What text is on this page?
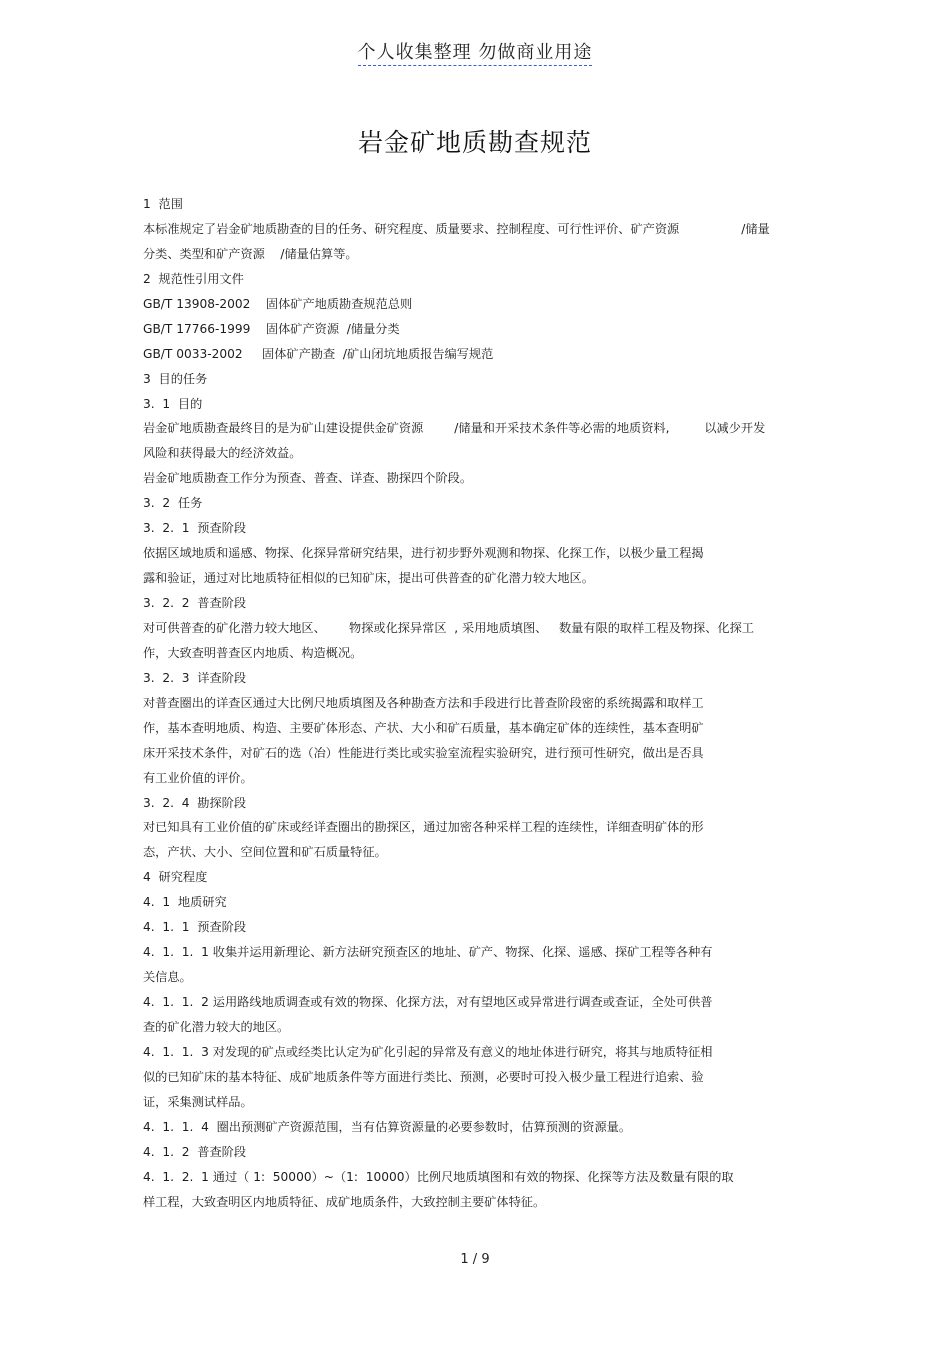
个人收集整理 勿做商业用途
岩金矿地质勘查规范
1  范围
本标准规定了岩金矿地质勘查的目的任务、研究程度、质量要求、控制程度、可行性评价、矿产资源                /储量
分类、类型和矿产资源    /储量估算等。
2  规范性引用文件
GB/T 13908-2002    固体矿产地质勘查规范总则
GB/T 17766-1999    固体矿产资源  /储量分类
GB/T 0033-2002     固体矿产勘查  /矿山闭坑地质报告编写规范
3  目的任务
3.  1  目的
岩金矿地质勘查最终目的是为矿山建设提供金矿资源        /储量和开采技术条件等必需的地质资料,         以减少开发
风险和获得最大的经济效益。
岩金矿地质勘查工作分为预查、普查、详查、勘探四个阶段。
3.  2  任务
3.  2.  1  预查阶段
依据区域地质和遥感、物探、化探异常研究结果，进行初步野外观测和物探、化探工作，以极少量工程揭
露和验证，通过对比地质特征相似的已知矿床，提出可供普查的矿化潜力较大地区。
3.  2.  2  普查阶段
对可供普查的矿化潜力较大地区、      物探或化探异常区  , 采用地质填图、   数量有限的取样工程及物探、化探工
作，大致查明普查区内地质、构造概况。
3.  2.  3  详查阶段
对普查圈出的详查区通过大比例尺地质填图及各种勘查方法和手段进行比普查阶段密的系统揭露和取样工
作，基本查明地质、构造、主要矿体形态、产状、大小和矿石质量，基本确定矿体的连续性，基本查明矿
床开采技术条件，对矿石的选（冶）性能进行类比或实验室流程实验研究，进行预可性研究，做出是否具
有工业价值的评价。
3.  2.  4  勘探阶段
对已知具有工业价值的矿床或经详查圈出的勘探区，通过加密各种采样工程的连续性，详细查明矿体的形
态，产状、大小、空间位置和矿石质量特征。
4  研究程度
4.  1  地质研究
4.  1.  1  预查阶段
4.  1.  1.  1 收集并运用新理论、新方法研究预查区的地址、矿产、物探、化探、遥感、探矿工程等各种有
关信息。
4.  1.  1.  2 运用路线地质调查或有效的物探、化探方法，对有望地区或异常进行调查或查证，全处可供普
查的矿化潜力较大的地区。
4.  1.  1.  3 对发现的矿点或经类比认定为矿化引起的异常及有意义的地址体进行研究，将其与地质特征相
似的已知矿床的基本特征、成矿地质条件等方面进行类比、预测，必要时可投入极少量工程进行追索、验
证，采集测试样品。
4.  1.  1.  4  圈出预测矿产资源范围，当有估算资源量的必要参数时，估算预测的资源量。
4.  1.  2  普查阶段
4.  1.  2.  1 通过（ 1:  50000）~（1:  10000）比例尺地质填图和有效的物探、化探等方法及数量有限的取
样工程，大致查明区内地质特征、成矿地质条件，大致控制主要矿体特征。
1 / 9
